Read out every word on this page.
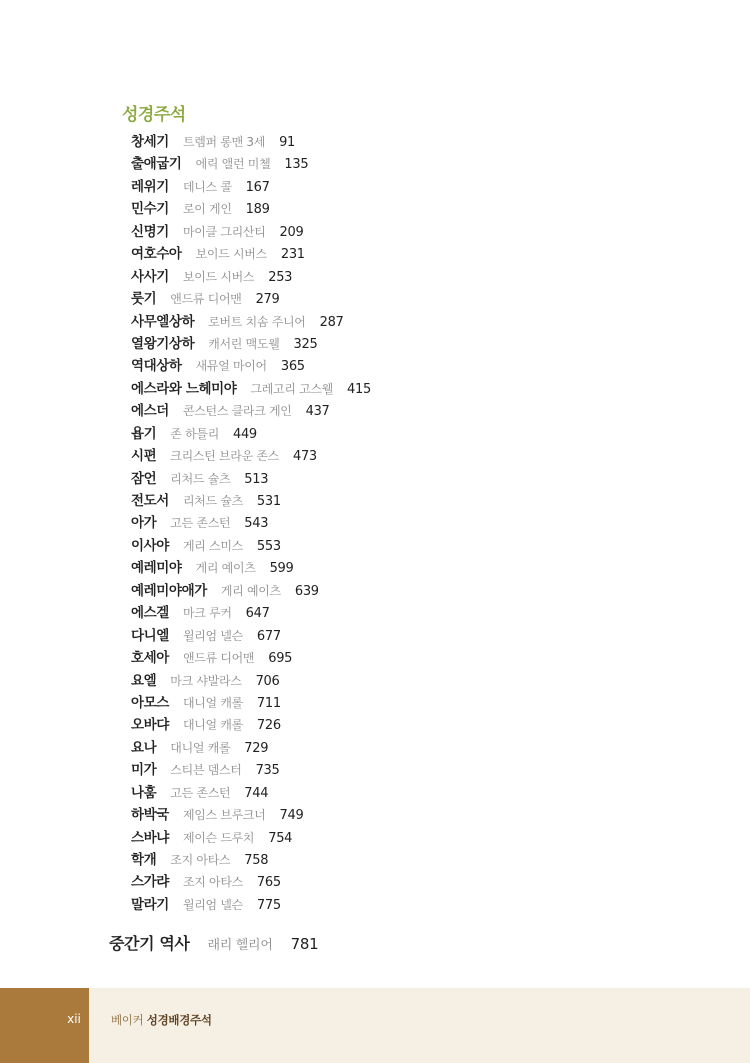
성경주석
창세기 트렘퍼 롱맨 3세 91
출애굽기 에릭 앨런 미첼 135
레위기 데니스 콜 167
민수기 로이 게인 189
신명기 마이클 그리산티 209
여호수아 보이드 시버스 231
사사기 보이드 시버스 253
룻기 앤드류 디어맨 279
사무엘상하 로버트 치솜 주니어 287
열왕기상하 캐서린 맥도웰 325
역대상하 새뮤얼 마이어 365
에스라와 느헤미야 그레고리 고스웰 415
에스더 콘스턴스 클라크 게인 437
욥기 존 하틀리 449
시편 크리스틴 브라운 존스 473
잠언 리처드 슐츠 513
전도서 리처드 슐츠 531
아가 고든 존스턴 543
이사야 게리 스미스 553
예레미야 게리 예이츠 599
예레미야애가 게리 예이츠 639
에스겔 마크 루커 647
다니엘 윌리엄 넬슨 677
호세아 앤드류 디어맨 695
요엘 마크 샤발라스 706
아모스 대니얼 캐롤 711
오바댜 대니얼 캐롤 726
요나 대니얼 캐롤 729
미가 스티븐 뎀스터 735
나훔 고든 존스턴 744
하박국 제임스 브루크너 749
스바냐 제이슨 드루치 754
학개 조지 아타스 758
스가랴 조지 아타스 765
말라기 윌리엄 넬슨 775
중간기 역사 래리 헬리어 781
xii	베이커 성경배경주석
